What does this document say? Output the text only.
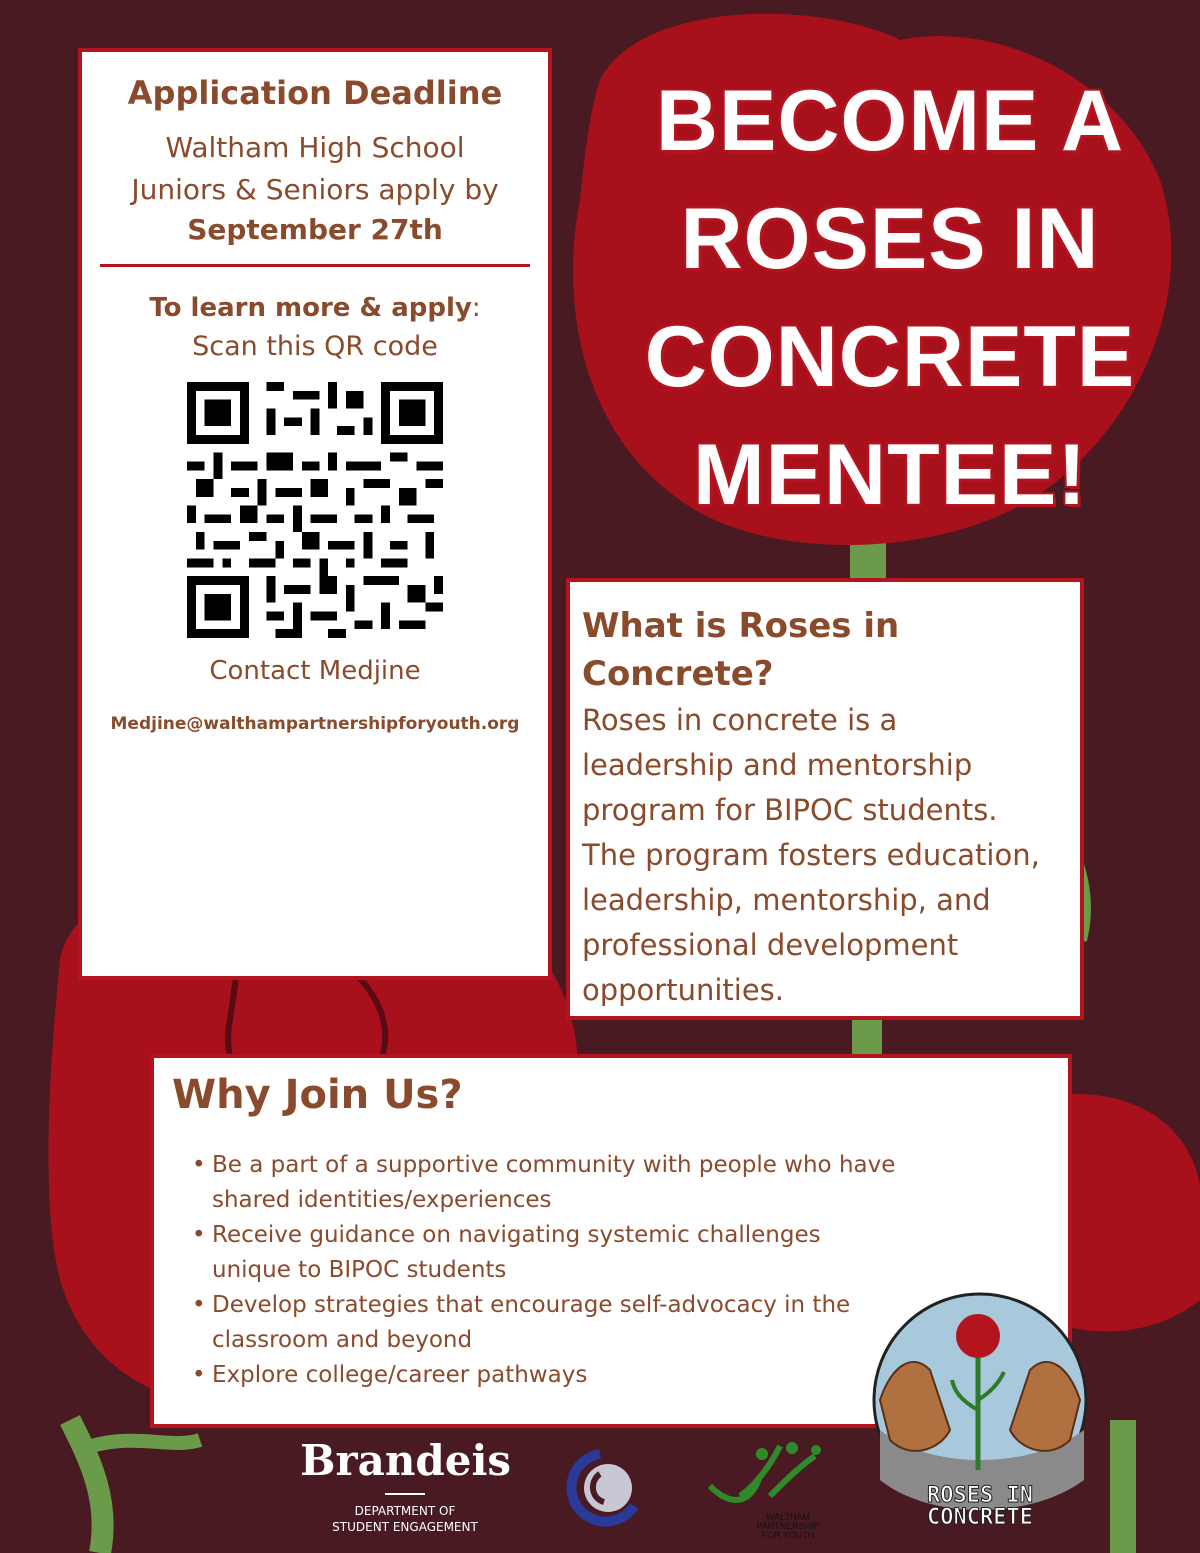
Application Deadline
Waltham High School
Juniors & Seniors apply by
September 27th
To learn more & apply:
Scan this QR code
Contact Medjine
Medjine@walthampartnershipforyouth.org
BECOME A
ROSES IN
CONCRETE
MENTEE!
What is Roses in
Concrete?
Roses in concrete is a
leadership and mentorship
program for BIPOC students.
The program fosters education,
leadership, mentorship, and
professional development
opportunities.
Why Join Us?
• Be a part of a supportive community with people who have shared identities/experiences
• Receive guidance on navigating systemic challenges unique to BIPOC students
• Develop strategies that encourage self-advocacy in the classroom and beyond
• Explore college/career pathways
Brandeis
DEPARTMENT OF
STUDENT ENGAGEMENT
WALTHAM
PARTNERSHIP
FOR YOUTH
ROSES IN
CONCRETE
